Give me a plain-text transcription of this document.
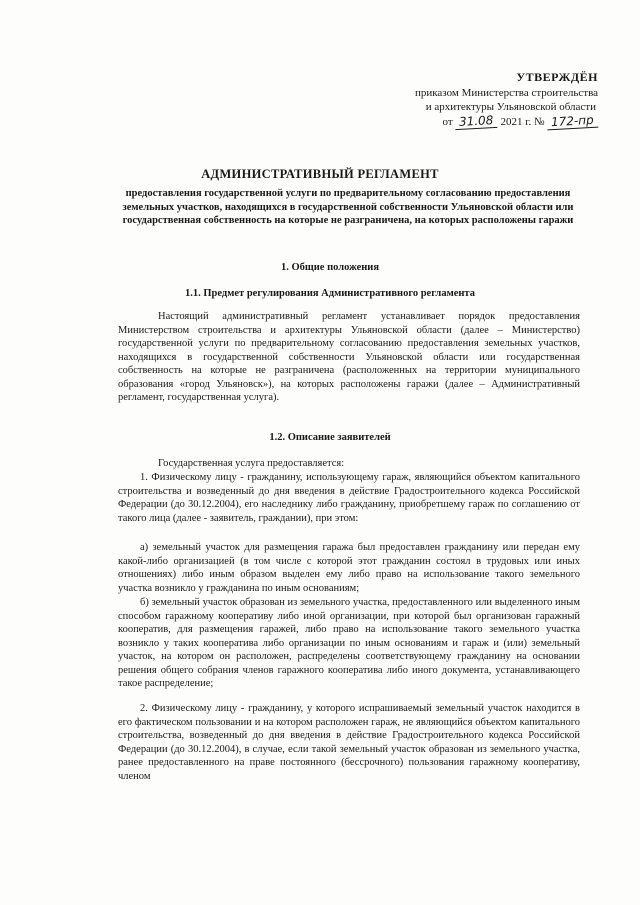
УТВЕРЖДЁН
приказом Министерства строительства
и архитектуры Ульяновской области
от 31.08 2021 г. № 172-пр
АДМИНИСТРАТИВНЫЙ РЕГЛАМЕНТ
предоставления государственной услуги по предварительному согласованию предоставления земельных участков, находящихся в государственной собственности Ульяновской области или государственная собственность на которые не разграничена, на которых расположены гаражи
1. Общие положения
1.1. Предмет регулирования Административного регламента
Настоящий административный регламент устанавливает порядок предоставления Министерством строительства и архитектуры Ульяновской области (далее – Министерство) государственной услуги по предварительному согласованию предоставления земельных участков, находящихся в государственной собственности Ульяновской области или государственная собственность на которые не разграничена (расположенных на территории муниципального образования «город Ульяновск»), на которых расположены гаражи (далее – Административный регламент, государственная услуга).
1.2. Описание заявителей
Государственная услуга предоставляется:
1. Физическому лицу - гражданину, использующему гараж, являющийся объектом капитального строительства и возведенный до дня введения в действие Градостроительного кодекса Российской Федерации (до 30.12.2004), его наследнику либо гражданину, приобретшему гараж по соглашению от такого лица (далее - заявитель, граждании), при этом:
а) земельный участок для размещения гаража был предоставлен гражданину или передан ему какой-либо организацией (в том числе с которой этот гражданин состоял в трудовых или иных отношениях) либо иным образом выделен ему либо право на использование такого земельного участка возникло у гражданина по иным основаниям;
б) земельный участок образован из земельного участка, предоставленного или выделенного иным способом гаражному кооперативу либо иной организации, при которой был организован гаражный кооператив, для размещения гаражей, либо право на использование такого земельного участка возникло у таких кооператива либо организации по иным основаниям и гараж и (или) земельный участок, на котором он расположен, распределены соответствующему гражданину на основании решения общего собрания членов гаражного кооператива либо иного документа, устанавливающего такое распределение;
2. Физическому лицу - гражданину, у которого испрашиваемый земельный участок находится в его фактическом пользовании и на котором расположен гараж, не являющийся объектом капитального строительства, возведенный до дня введения в действие Градостроительного кодекса Российской Федерации (до 30.12.2004), в случае, если такой земельный участок образован из земельного участка, ранее предоставленного на праве постоянного (бессрочного) пользования гаражному кооперативу, членом
